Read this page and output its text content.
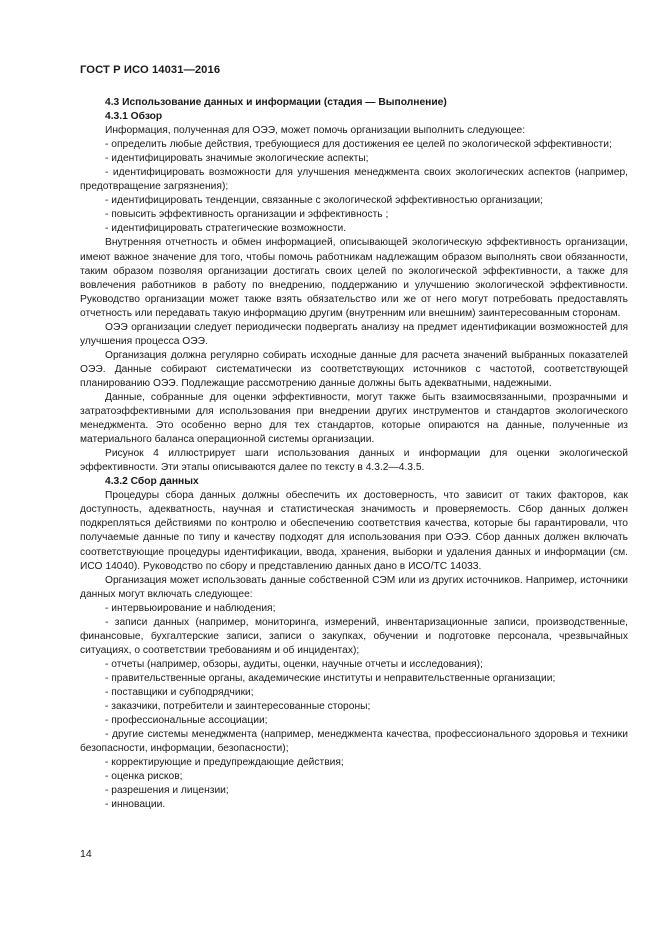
ГОСТ Р ИСО 14031—2016
4.3 Использование данных и информации (стадия — Выполнение)
4.3.1 Обзор
Информация, полученная для ОЭЭ, может помочь организации выполнить следующее:
- определить любые действия, требующиеся для достижения ее целей по экологической эффективности;
- идентифицировать значимые экологические аспекты;
- идентифицировать возможности для улучшения менеджмента своих экологических аспектов (например, предотвращение загрязнения);
- идентифицировать тенденции, связанные с экологической эффективностью организации;
- повысить эффективность организации и эффективность ;
- идентифицировать стратегические возможности.
Внутренняя отчетность и обмен информацией, описывающей экологическую эффективность организации, имеют важное значение для того, чтобы помочь работникам надлежащим образом выполнять свои обязанности, таким образом позволяя организации достигать своих целей по экологической эффективности, а также для вовлечения работников в работу по внедрению, поддержанию и улучшению экологической эффективности. Руководство организации может также взять обязательство или же от него могут потребовать предоставлять отчетность или передавать такую информацию другим (внутренним или внешним) заинтересованным сторонам.
ОЭЭ организации следует периодически подвергать анализу на предмет идентификации возможностей для улучшения процесса ОЭЭ.
Организация должна регулярно собирать исходные данные для расчета значений выбранных показателей ОЭЭ. Данные собирают систематически из соответствующих источников с частотой, соответствующей планированию ОЭЭ. Подлежащие рассмотрению данные должны быть адекватными, надежными.
Данные, собранные для оценки эффективности, могут также быть взаимосвязанными, прозрачными и затратоэффективными для использования при внедрении других инструментов и стандартов экологического менеджмента. Это особенно верно для тех стандартов, которые опираются на данные, полученные из материального баланса операционной системы организации.
Рисунок 4 иллюстрирует шаги использования данных и информации для оценки экологической эффективности. Эти этапы описываются далее по тексту в 4.3.2—4.3.5.
4.3.2 Сбор данных
Процедуры сбора данных должны обеспечить их достоверность, что зависит от таких факторов, как доступность, адекватность, научная и статистическая значимость и проверяемость. Сбор данных должен подкрепляться действиями по контролю и обеспечению соответствия качества, которые бы гарантировали, что получаемые данные по типу и качеству подходят для использования при ОЭЭ. Сбор данных должен включать соответствующие процедуры идентификации, ввода, хранения, выборки и удаления данных и информации (см. ИСО 14040). Руководство по сбору и представлению данных дано в ИСО/ТС 14033.
Организация может использовать данные собственной СЭМ или из других источников. Например, источники данных могут включать следующее:
- интервьюирование и наблюдения;
- записи данных (например, мониторинга, измерений, инвентаризационные записи, производственные, финансовые, бухгалтерские записи, записи о закупках, обучении и подготовке персонала, чрезвычайных ситуациях, о соответствии требованиям и об инцидентах);
- отчеты (например, обзоры, аудиты, оценки, научные отчеты и исследования);
- правительственные органы, академические институты и неправительственные организации;
- поставщики и субподрядчики;
- заказчики, потребители и заинтересованные стороны;
- профессиональные ассоциации;
- другие системы менеджмента (например, менеджмента качества, профессионального здоровья и техники безопасности, информации, безопасности);
- корректирующие и предупреждающие действия;
- оценка рисков;
- разрешения и лицензии;
- инновации.
14
